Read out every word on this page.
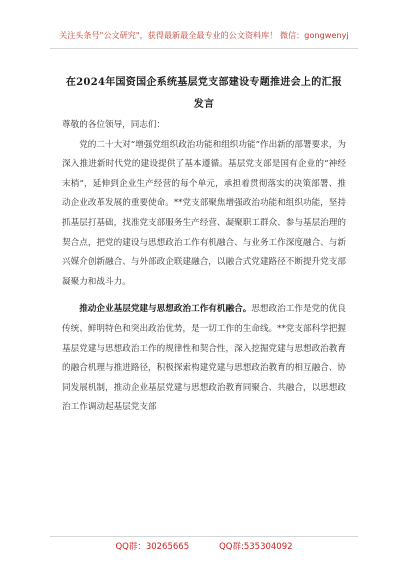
关注头条号"公文研究"，获得最新最全最专业的公文资料库！ 微信：gongwenyj
在2024年国资国企系统基层党支部建设专题推进会上的汇报发言

尊敬的各位领导，同志们：

党的二十大对“增强党组织政治功能和组织功能”作出新的部署要求，为深入推进新时代党的建设提供了基本遵循。基层党支部是国有企业的“神经末梢”，延伸到企业生产经营的每个单元，承担着贯彻落实的决策部署、推动企业改革发展的重要使命。**党支部聚焦增强政治功能和组织功能，坚持抓基层打基础，找准党支部服务生产经营、凝聚职工群众、参与基层治理的契合点，把党的建设与思想政治工作有机融合、与业务工作深度融合、与新兴媒介创新融合、与外部政企联建融合，以融合式党建路径不断提升党支部凝聚力和战斗力。

推动企业基层党建与思想政治工作有机融合。思想政治工作是党的优良传统、鲜明特色和突出政治优势，是一切工作的生命线。**党支部科学把握基层党建与思想政治工作的规律性和契合性，深入挖掘党建与思想政治教育的融合机理与推进路径，积极探索构建党建与思想政治教育的相互融合、协同发展机制，推动企业基层党建与思想政治教育同聚合、共融合，以思想政治工作调动起基层党支部

QQ群：30265665	QQ群:535304092
